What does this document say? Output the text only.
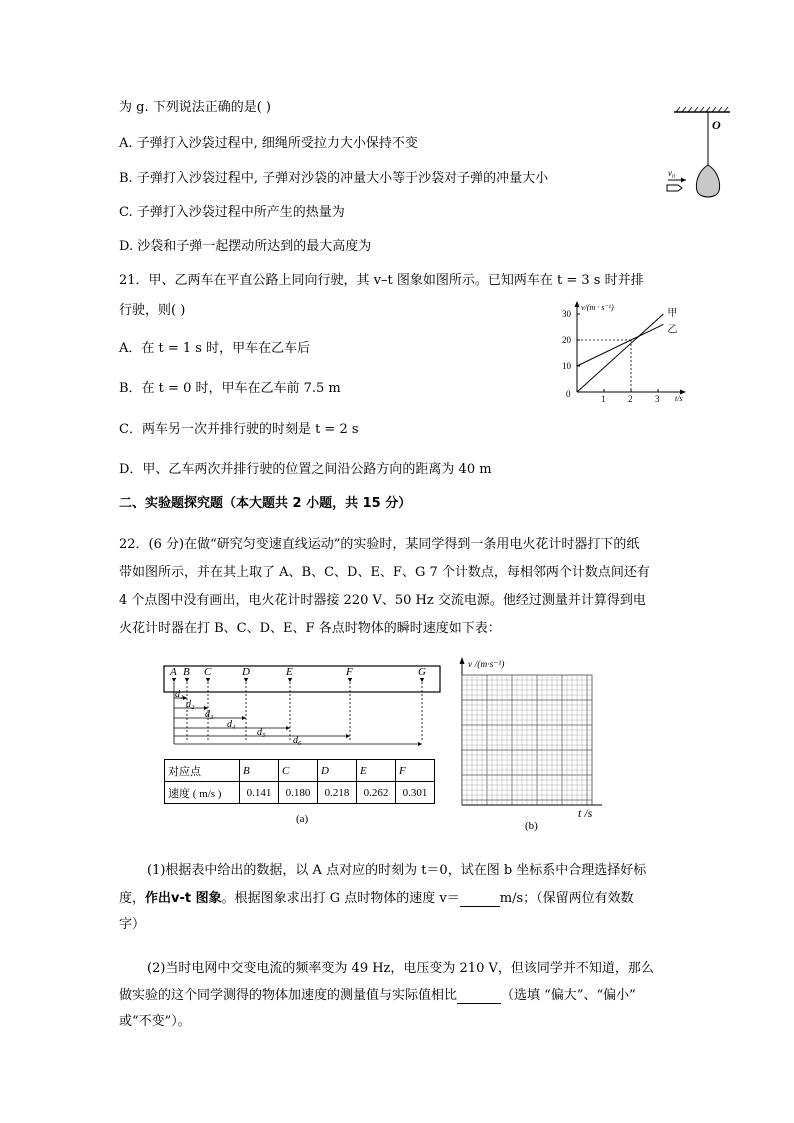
为 g. 下列说法正确的是( )
A. 子弹打入沙袋过程中, 细绳所受拉力大小保持不变
B. 子弹打入沙袋过程中, 子弹对沙袋的冲量大小等于沙袋对子弹的冲量大小
C. 子弹打入沙袋过程中所产生的热量为
D. 沙袋和子弹一起摆动所达到的最大高度为
O
v₀
21．甲、乙两车在平直公路上同向行驶，其 v–t 图象如图所示。已知两车在 t = 3 s 时并排
行驶，则( )
A．在 t = 1 s 时，甲车在乙车后
B．在 t = 0 时，甲车在乙车前 7.5 m
C．两车另一次并排行驶的时刻是 t = 2 s
D．甲、乙车两次并排行驶的位置之间沿公路方向的距离为 40 m
v/(m · s⁻¹)
t/s
0	1	2	3
10
20
30	甲
乙
二、实验题探究题（本大题共 2 小题，共 15 分）
22．(6 分)在做“研究匀变速直线运动”的实验时，某同学得到一条用电火花计时器打下的纸
带如图所示，并在其上取了 A、B、C、D、E、F、G 7 个计数点，每相邻两个计数点间还有
4 个点图中没有画出，电火花计时器接 220 V、50 Hz 交流电源。他经过测量并计算得到电
火花计时器在打 B、C、D、E、F 各点时物体的瞬时速度如下表：
A B C	D	E	F	G
d₁
d₂
d₃
d₄
d₅
d₆
对应点	B	C	D	E	F
速度 ( m/s )	0.141	0.180	0.218	0.262	0.301
(a)
v /(m·s⁻¹)
t /s
(b)
(1)根据表中给出的数据，以 A 点对应的时刻为 t＝0，试在图 b 坐标系中合理选择好标
度，作出v-t 图象。根据图象求出打 G 点时物体的速度 v＝	m/s；（保留两位有效数
字）
(2)当时电网中交变电流的频率变为 49 Hz，电压变为 210 V，但该同学并不知道，那么
做实验的这个同学测得的物体加速度的测量值与实际值相比	（选填 “偏大”、“偏小”
或“不变”）。
